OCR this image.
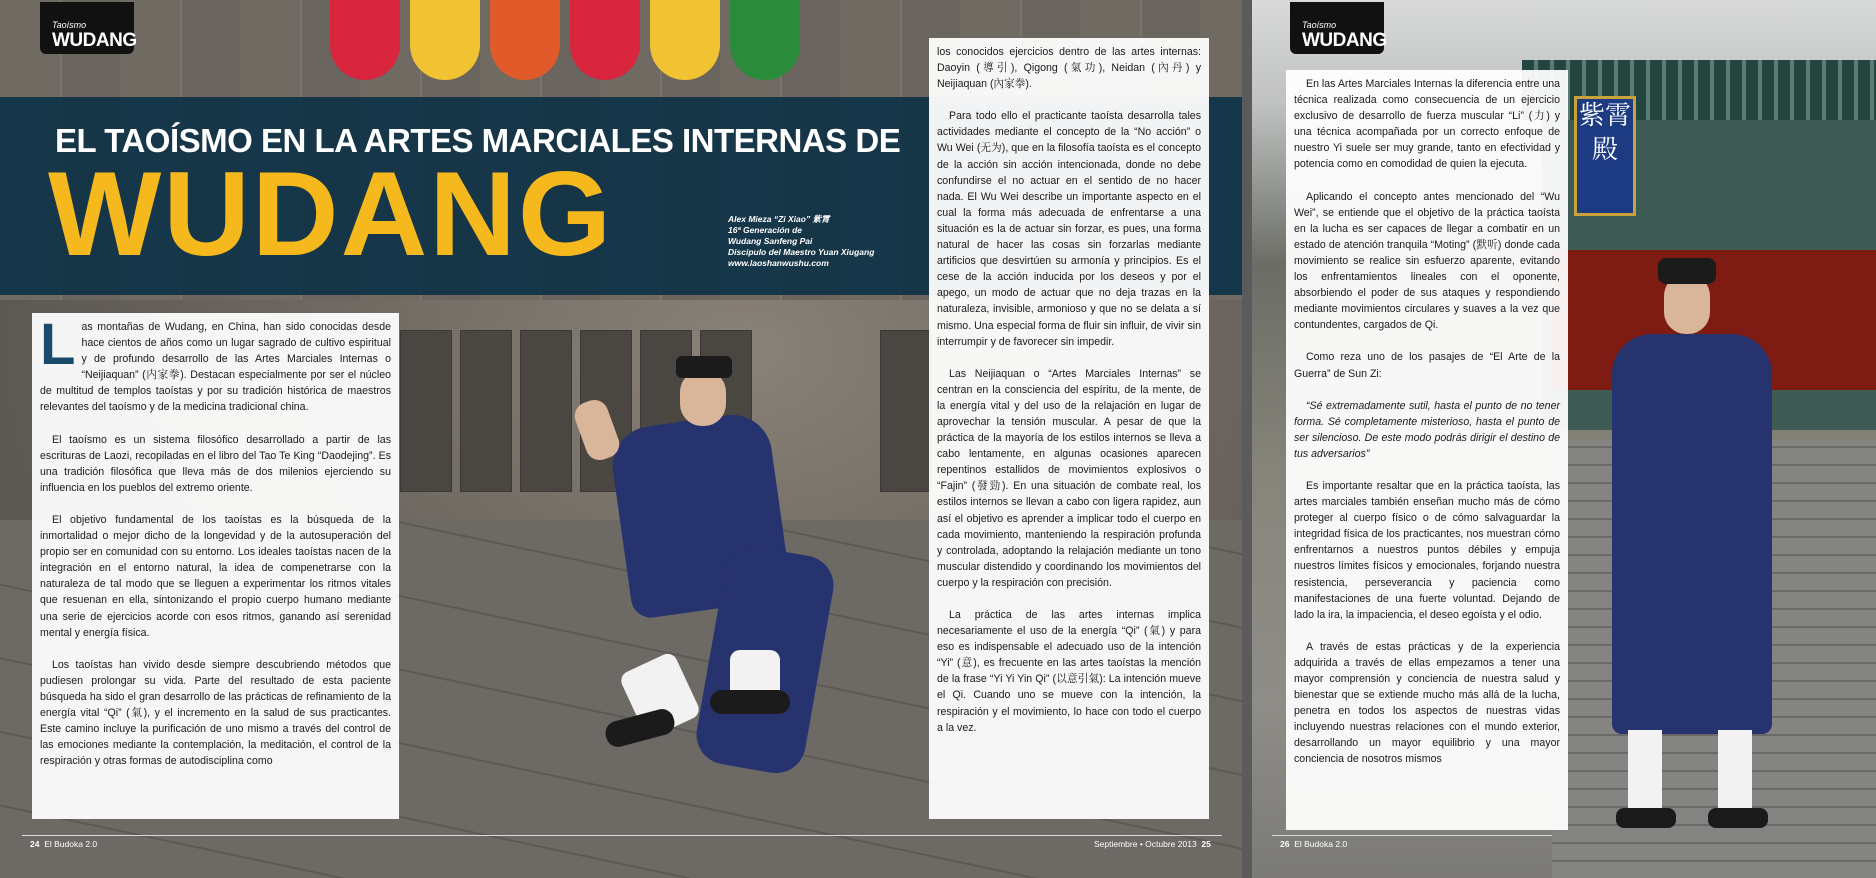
Taoísmo
WUDANG
EL TAOÍSMO EN LA ARTES MARCIALES INTERNAS DE
WUDANG	Alex Mieza “Zi Xiao” 紫霄
16ª Generación de
Wudang Sanfeng Pai
Discipulo del Maestro Yuan Xiugang
www.laoshanwushu.com

Las montañas de Wudang, en China, han sido conocidas desde hace cientos de años como un lugar sagrado de cultivo espiritual y de profundo desarrollo de las Artes Marciales Internas o “Neijiaquan” (内家拳). Destacan especialmente por ser el núcleo de multitud de templos taoístas y por su tradición histórica de maestros relevantes del taoísmo y de la medicina tradicional china.

El taoísmo es un sistema filosófico desarrollado a partir de las escrituras de Laozi, recopiladas en el libro del Tao Te King “Daodejing”. Es una tradición filosófica que lleva más de dos milenios ejerciendo su influencia en los pueblos del extremo oriente.

El objetivo fundamental de los taoístas es la búsqueda de la inmortalidad o mejor dicho de la longevidad y de la autosuperación del propio ser en comunidad con su entorno. Los ideales taoístas nacen de la integración en el entorno natural, la idea de compenetrarse con la naturaleza de tal modo que se lleguen a experimentar los ritmos vitales que resuenan en ella, sintonizando el propio cuerpo humano mediante una serie de ejercicios acorde con esos ritmos, ganando así serenidad mental y energía física.

Los taoístas han vivido desde siempre descubriendo métodos que pudiesen prolongar su vida. Parte del resultado de esta paciente búsqueda ha sido el gran desarrollo de las prácticas de refinamiento de la energía vital “Qi” (氣), y el incremento en la salud de sus practicantes. Este camino incluye la purificación de uno mismo a través del control de las emociones mediante la contemplación, la meditación, el control de la respiración y otras formas de autodisciplina como

los conocidos ejercicios dentro de las artes internas: Daoyin (導引), Qigong (氣功), Neidan (內丹) y Neijiaquan (內家拳).

Para todo ello el practicante taoísta desarrolla tales actividades mediante el concepto de la “No acción” o Wu Wei (无为), que en la filosofía taoísta es el concepto de la acción sin acción intencionada, donde no debe confundirse el no actuar en el sentido de no hacer nada. El Wu Wei describe un importante aspecto en el cual la forma más adecuada de enfrentarse a una situación es la de actuar sin forzar, es pues, una forma natural de hacer las cosas sin forzarlas mediante artificios que desvirtúen su armonía y principios. Es el cese de la acción inducida por los deseos y por el apego, un modo de actuar que no deja trazas en la naturaleza, invisible, armonioso y que no se delata a sí mismo. Una especial forma de fluir sin influir, de vivir sin interrumpir y de favorecer sin impedir.

Las Neijiaquan o “Artes Marciales Internas” se centran en la consciencia del espíritu, de la mente, de la energía vital y del uso de la relajación en lugar de aprovechar la tensión muscular. A pesar de que la práctica de la mayoría de los estilos internos se lleva a cabo lentamente, en algunas ocasiones aparecen repentinos estallidos de movimientos explosivos o “Fajin” (發勁). En una situación de combate real, los estilos internos se llevan a cabo con ligera rapidez, aun así el objetivo es aprender a implicar todo el cuerpo en cada movimiento, manteniendo la respiración profunda y controlada, adoptando la relajación mediante un tono muscular distendido y coordinando los movimientos del cuerpo y la respiración con precisión.

La práctica de las artes internas implica necesariamente el uso de la energía “Qi” (氣) y para eso es indispensable el adecuado uso de la intención “Yi” (意), es frecuente en las artes taoístas la mención de la frase “Yi Yi Yin Qi” (以意引氣): La intención mueve el Qi. Cuando uno se mueve con la intención, la respiración y el movimiento, lo hace con todo el cuerpo a la vez.

24 El Budoka 2.0	Septiembre • Octubre 2013 25
紫霄殿
Taoísmo
WUDANG

En las Artes Marciales Internas la diferencia entre una técnica realizada como consecuencia de un ejercicio exclusivo de desarrollo de fuerza muscular “Li” (力) y una técnica acompañada por un correcto enfoque de nuestro Yi suele ser muy grande, tanto en efectividad y potencia como en comodidad de quien la ejecuta.

Aplicando el concepto antes mencionado del “Wu Wei”, se entiende que el objetivo de la práctica taoísta en la lucha es ser capaces de llegar a combatir en un estado de atención tranquila “Moting” (默听) donde cada movimiento se realice sin esfuerzo aparente, evitando los enfrentamientos lineales con el oponente, absorbiendo el poder de sus ataques y respondiendo mediante movimientos circulares y suaves a la vez que contundentes, cargados de Qi.

Como reza uno de los pasajes de “El Arte de la Guerra” de Sun Zi:

“Sé extremadamente sutil, hasta el punto de no tener forma. Sé completamente misterioso, hasta el punto de ser silencioso. De este modo podrás dirigir el destino de tus adversarios”

Es importante resaltar que en la práctica taoísta, las artes marciales también enseñan mucho más de cómo proteger al cuerpo físico o de cómo salvaguardar la integridad física de los practicantes, nos muestran cómo enfrentarnos a nuestros puntos débiles y empuja nuestros límites físicos y emocionales, forjando nuestra resistencia, perseverancia y paciencia como manifestaciones de una fuerte voluntad. Dejando de lado la ira, la impaciencia, el deseo egoísta y el odio.

A través de estas prácticas y de la experiencia adquirida a través de ellas empezamos a tener una mayor comprensión y conciencia de nuestra salud y bienestar que se extiende mucho más allá de la lucha, penetra en todos los aspectos de nuestras vidas incluyendo nuestras relaciones con el mundo exterior, desarrollando un mayor equilibrio y una mayor conciencia de nosotros mismos

26 El Budoka 2.0
